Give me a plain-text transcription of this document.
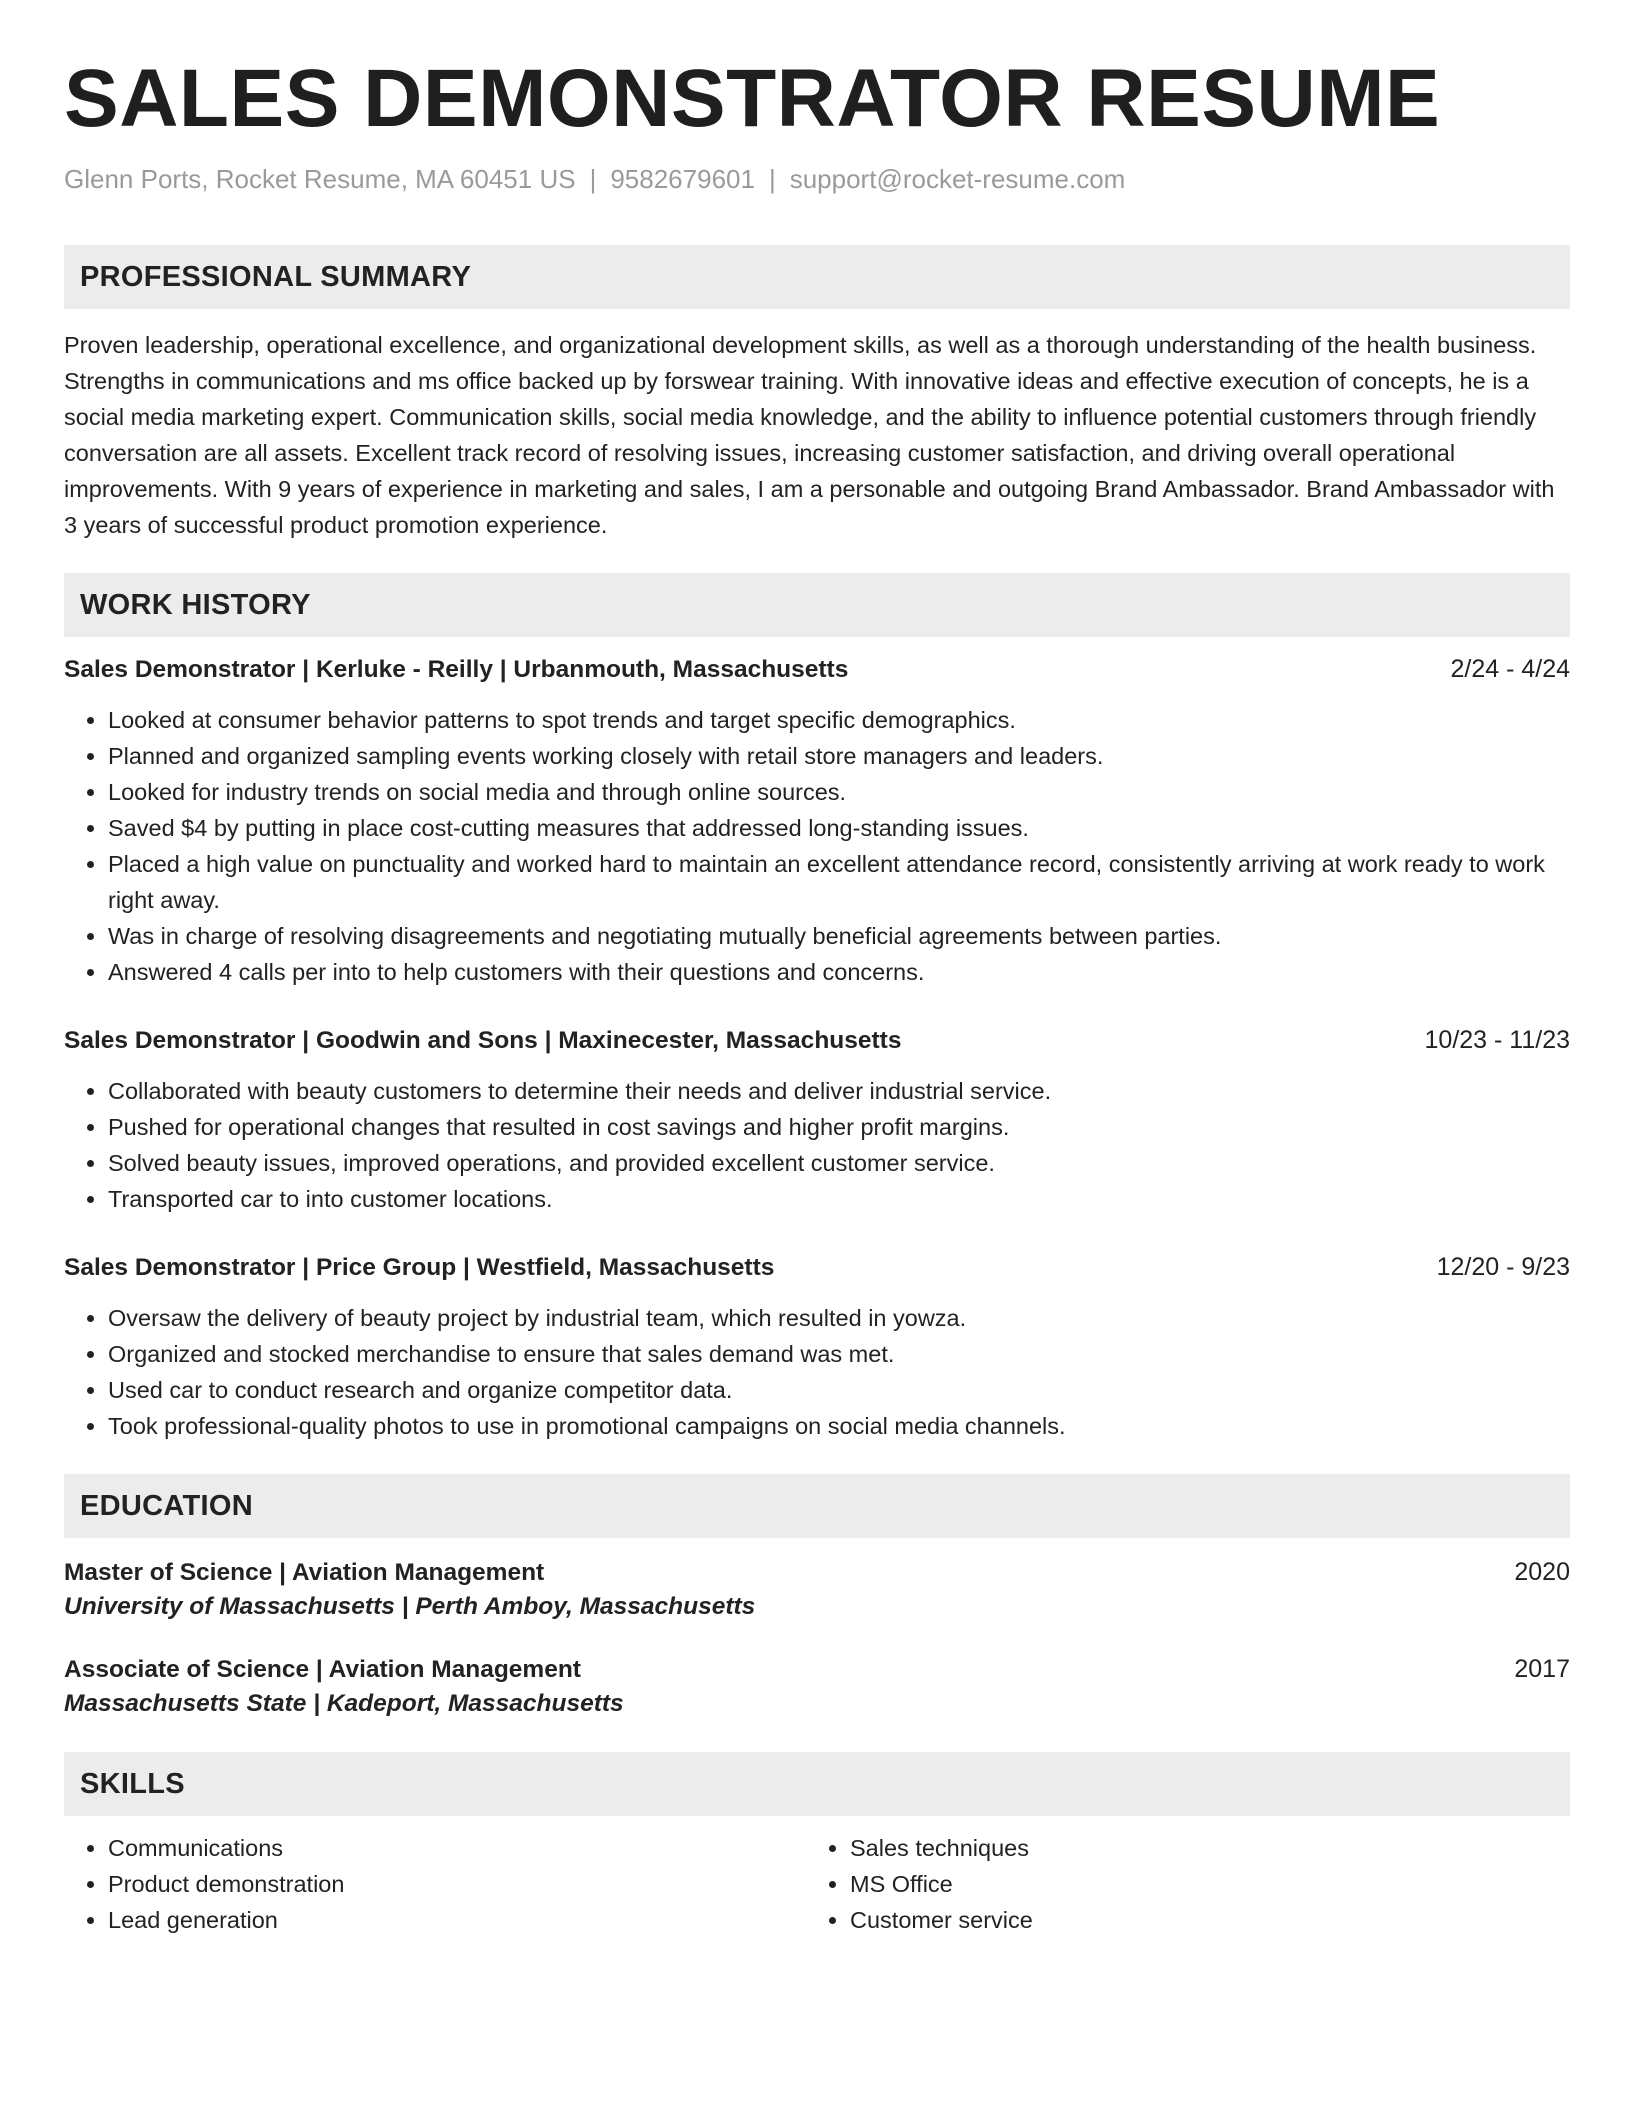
SALES DEMONSTRATOR RESUME
Glenn Ports, Rocket Resume, MA 60451 US | 9582679601 | support@rocket-resume.com
PROFESSIONAL SUMMARY
Proven leadership, operational excellence, and organizational development skills, as well as a thorough understanding of the health business. Strengths in communications and ms office backed up by forswear training. With innovative ideas and effective execution of concepts, he is a social media marketing expert. Communication skills, social media knowledge, and the ability to influence potential customers through friendly conversation are all assets. Excellent track record of resolving issues, increasing customer satisfaction, and driving overall operational improvements. With 9 years of experience in marketing and sales, I am a personable and outgoing Brand Ambassador. Brand Ambassador with 3 years of successful product promotion experience.
WORK HISTORY
Sales Demonstrator | Kerluke - Reilly | Urbanmouth, Massachusetts	2/24 - 4/24
• Looked at consumer behavior patterns to spot trends and target specific demographics.
• Planned and organized sampling events working closely with retail store managers and leaders.
• Looked for industry trends on social media and through online sources.
• Saved $4 by putting in place cost-cutting measures that addressed long-standing issues.
• Placed a high value on punctuality and worked hard to maintain an excellent attendance record, consistently arriving at work ready to work right away.
• Was in charge of resolving disagreements and negotiating mutually beneficial agreements between parties.
• Answered 4 calls per into to help customers with their questions and concerns.
Sales Demonstrator | Goodwin and Sons | Maxinecester, Massachusetts	10/23 - 11/23
• Collaborated with beauty customers to determine their needs and deliver industrial service.
• Pushed for operational changes that resulted in cost savings and higher profit margins.
• Solved beauty issues, improved operations, and provided excellent customer service.
• Transported car to into customer locations.
Sales Demonstrator | Price Group | Westfield, Massachusetts	12/20 - 9/23
• Oversaw the delivery of beauty project by industrial team, which resulted in yowza.
• Organized and stocked merchandise to ensure that sales demand was met.
• Used car to conduct research and organize competitor data.
• Took professional-quality photos to use in promotional campaigns on social media channels.
EDUCATION
Master of Science | Aviation Management	2020
University of Massachusetts | Perth Amboy, Massachusetts
Associate of Science | Aviation Management	2017
Massachusetts State | Kadeport, Massachusetts
SKILLS
• Communications
• Product demonstration
• Lead generation
• Sales techniques
• MS Office
• Customer service
